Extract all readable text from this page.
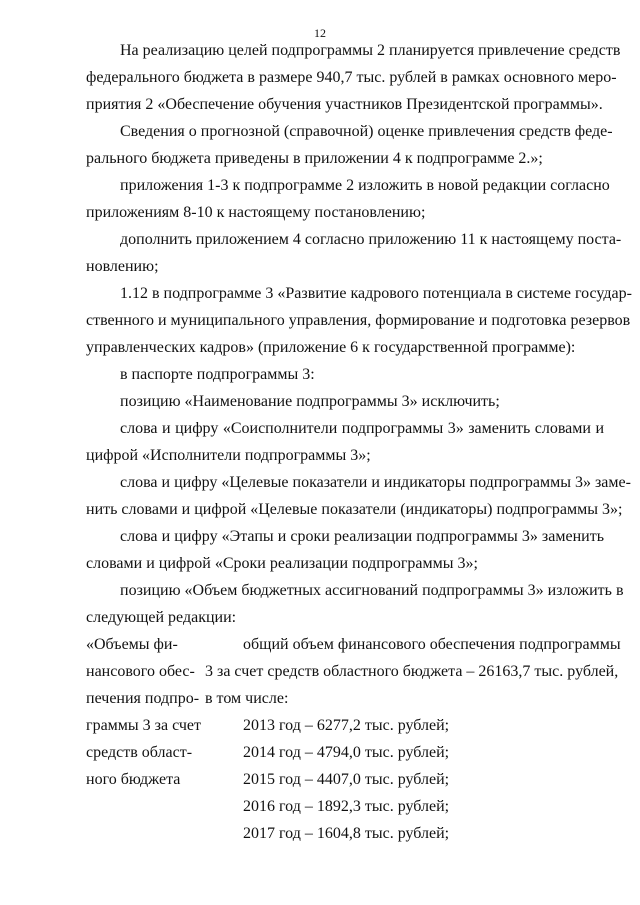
12
На реализацию целей подпрограммы 2 планируется привлечение средств
федерального бюджета в размере 940,7 тыс. рублей в рамках основного меро-
приятия 2 «Обеспечение обучения участников Президентской программы».
Сведения о прогнозной (справочной) оценке привлечения средств феде-
рального бюджета приведены в приложении 4 к подпрограмме 2.»;
приложения 1-3 к подпрограмме 2 изложить в новой редакции согласно
приложениям 8-10 к настоящему постановлению;
дополнить приложением 4 согласно приложению 11 к настоящему поста-
новлению;
1.12 в подпрограмме 3 «Развитие кадрового потенциала в системе государ-
ственного и муниципального управления, формирование и подготовка резервов
управленческих кадров» (приложение 6 к государственной программе):
в паспорте подпрограммы 3:
позицию «Наименование подпрограммы 3» исключить;
слова и цифру «Соисполнители подпрограммы 3» заменить словами и
цифрой «Исполнители подпрограммы 3»;
слова и цифру «Целевые показатели и индикаторы подпрограммы 3» заме-
нить словами и цифрой «Целевые показатели (индикаторы) подпрограммы 3»;
слова и цифру «Этапы и сроки реализации подпрограммы 3» заменить
словами и цифрой «Сроки реализации подпрограммы 3»;
позицию «Объем бюджетных ассигнований подпрограммы 3» изложить в
следующей редакции:
«Объемы фи-
нансового обес-
печения подпро-
граммы 3 за счет
средств област-
ного бюджета
общий объем финансового обеспечения подпрограммы
3 за счет средств областного бюджета – 26163,7 тыс. рублей,
в том числе:
2013 год – 6277,2 тыс. рублей;
2014 год – 4794,0 тыс. рублей;
2015 год – 4407,0 тыс. рублей;
2016 год – 1892,3 тыс. рублей;
2017 год – 1604,8 тыс. рублей;
